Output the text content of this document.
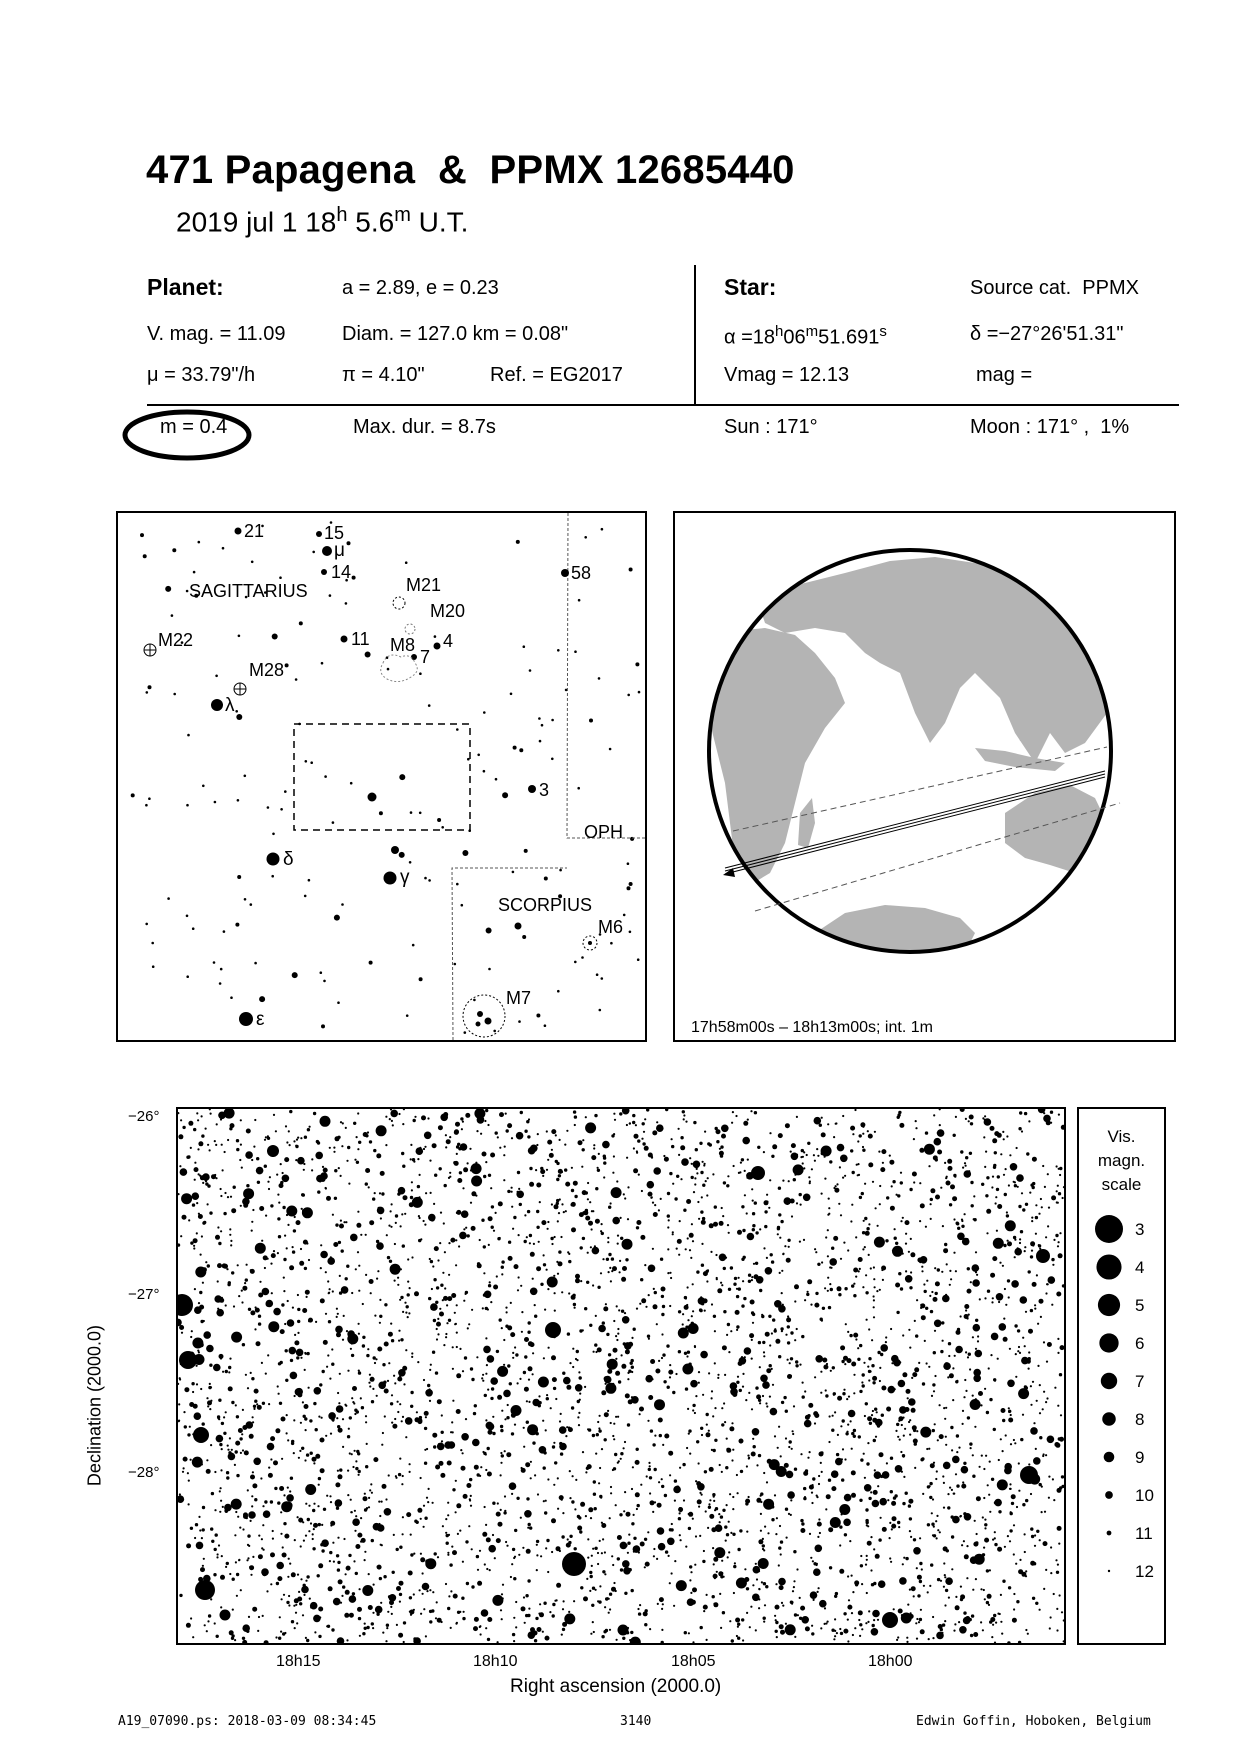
471 Papagena  &  PPMX 12685440
2019 jul 1 18$^h$ 5.6$^m$ U.T.
Planet:	a = 2.89, e = 0.23
V. mag. = 11.09	Diam. = 127.0 km = 0.08"
μ = 33.79"/h	π = 4.10"	Ref. = EG2017
Star:	Source cat.  PPMX
$\alpha =18^h06^m51.691^s$	δ =−27°26'51.31"
Vmag = 12.13	mag =
m = 0.4	Max. dur. = 8.7s	Sun : 171°	Moon : 171° ,  1%
21	15
μ
14
SAGITTARIUS	M21
M20
11 M8 4
7
M22
M28
λ
58
3
OPH
δ
γ
SCORPIUS
M6
M7
ε	17h58m00s – 18h13m00s; int. 1m
Declination (2000.0)
−26°
−27°
−28°
18h15	18h10	18h05	18h00
Right ascension (2000.0)
Vis.
magn.
scale
3
4
5
6
7
8
9
10
11
12
A19_07090.ps: 2018-03-09 08:34:45	3140	Edwin Goffin, Hoboken, Belgium
